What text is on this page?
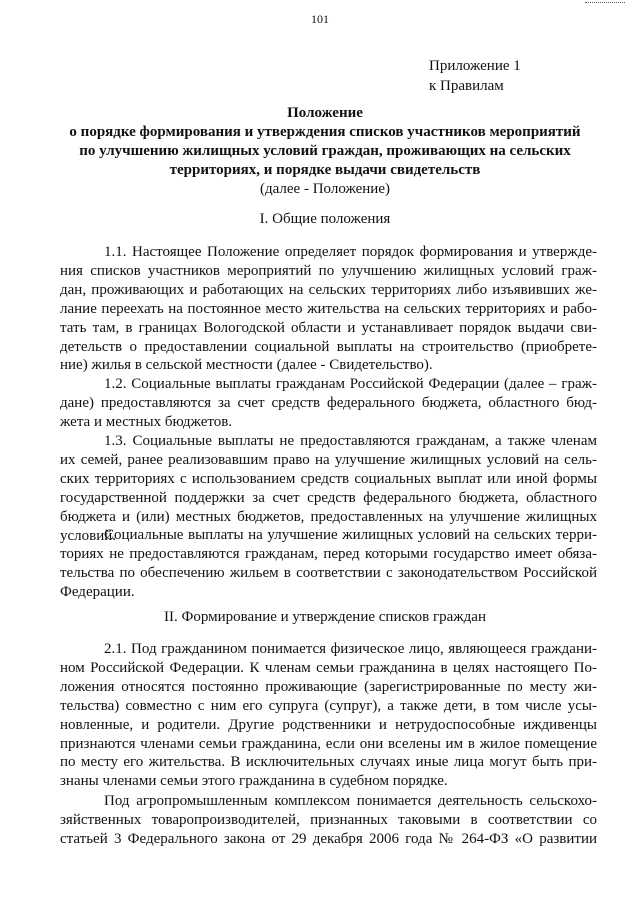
101
Приложение 1
к Правилам
Положение
о порядке формирования и утверждения списков участников мероприятий
по улучшению жилищных условий граждан, проживающих на сельских
территориях, и порядке выдачи свидетельств
(далее - Положение)
I. Общие положения
1.1. Настоящее Положение определяет порядок формирования и утвержде-
ния списков участников мероприятий по улучшению жилищных условий граж-
дан, проживающих и работающих на сельских территориях либо изъявивших же-
лание переехать на постоянное место жительства на сельских территориях и рабо-
тать там, в границах Вологодской области и устанавливает порядок выдачи сви-
детельств о предоставлении социальной выплаты на строительство (приобрете-
ние) жилья в сельской местности (далее - Свидетельство).
1.2. Социальные выплаты гражданам Российской Федерации (далее – граж-
дане) предоставляются за счет средств федерального бюджета, областного бюд-
жета и местных бюджетов.
1.3. Социальные выплаты не предоставляются гражданам, а также членам
их семей, ранее реализовавшим право на улучшение жилищных условий на сель-
ских территориях с использованием средств социальных выплат или иной формы
государственной поддержки за счет средств федерального бюджета, областного
бюджета и (или) местных бюджетов, предоставленных на улучшение жилищных
условий.
Социальные выплаты на улучшение жилищных условий на сельских терри-
ториях не предоставляются гражданам, перед которыми государство имеет обяза-
тельства по обеспечению жильем в соответствии с законодательством Российской
Федерации.
II. Формирование и утверждение списков граждан
2.1. Под гражданином понимается физическое лицо, являющееся граждани-
ном Российской Федерации. К членам семьи гражданина в целях настоящего По-
ложения относятся постоянно проживающие (зарегистрированные по месту жи-
тельства) совместно с ним его супруга (супруг), а также дети, в том числе усы-
новленные, и родители. Другие родственники и нетрудоспособные иждивенцы
признаются членами семьи гражданина, если они вселены им в жилое помещение
по месту его жительства. В исключительных случаях иные лица могут быть при-
знаны членами семьи этого гражданина в судебном порядке.
Под агропромышленным комплексом понимается деятельность сельскохо-
зяйственных товаропроизводителей, признанных таковыми в соответствии со
статьей 3 Федерального закона от 29 декабря 2006 года № 264-ФЗ «О развитии
